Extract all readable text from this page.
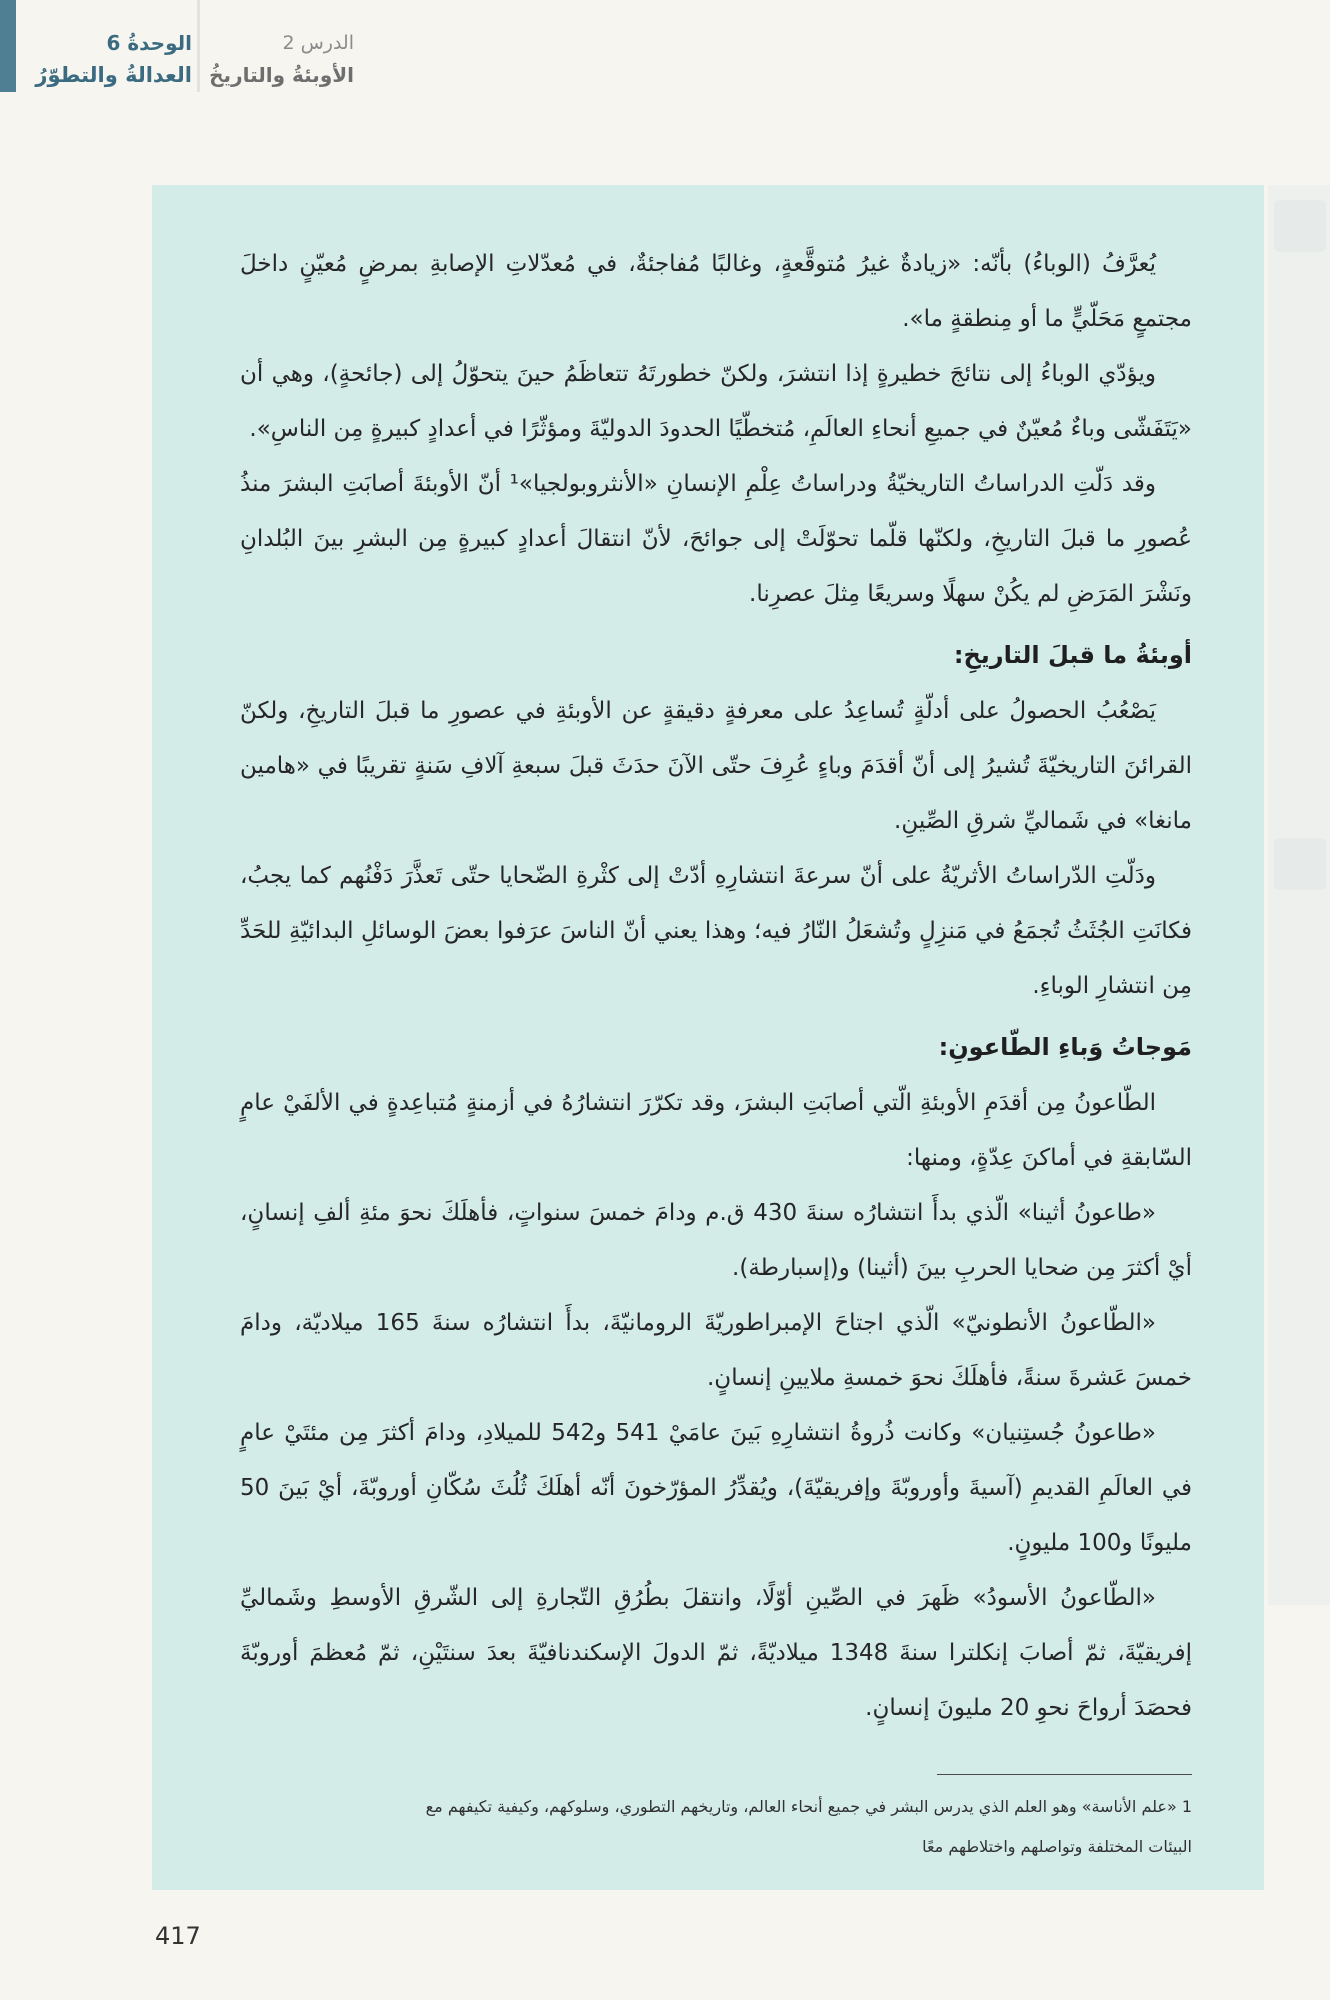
الوحدةُ 6
العدالةُ والتطوّرُ
الدرس 2
الأوبئةُ والتاريخُ

يُعرَّفُ (الوباءُ) بأنّه: «زيادةٌ غيرُ مُتوقَّعةٍ، وغالبًا مُفاجئةٌ، في مُعدّلاتِ الإصابةِ بمرضٍ مُعيّنٍ داخلَ مجتمعٍ مَحَلّيٍّ ما أو مِنطقةٍ ما».

ويؤدّي الوباءُ إلى نتائجَ خطيرةٍ إذا انتشرَ، ولكنّ خطورتَهُ تتعاظَمُ حينَ يتحوّلُ إلى (جائحةٍ)، وهي أن «يَتَفَشّى وباءٌ مُعيّنٌ في جميعِ أنحاءِ العالَمِ، مُتخطّيًا الحدودَ الدوليّةَ ومؤثّرًا في أعدادٍ كبيرةٍ مِن الناسِ».

وقد دَلّتِ الدراساتُ التاريخيّةُ ودراساتُ عِلْمِ الإنسانِ «الأنثروبولجيا»¹ أنّ الأوبئةَ أصابَتِ البشرَ منذُ عُصورِ ما قبلَ التاريخِ، ولكنّها قلّما تحوّلَتْ إلى جوائحَ، لأنّ انتقالَ أعدادٍ كبيرةٍ مِن البشرِ بينَ البُلدانِ ونَشْرَ المَرَضِ لم يكُنْ سهلًا وسريعًا مِثلَ عصرِنا.

أوبئةُ ما قبلَ التاريخِ:

يَصْعُبُ الحصولُ على أدلّةٍ تُساعِدُ على معرفةٍ دقيقةٍ عن الأوبئةِ في عصورِ ما قبلَ التاريخِ، ولكنّ القرائنَ التاريخيّةَ تُشيرُ إلى أنّ أقدَمَ وباءٍ عُرِفَ حتّى الآنَ حدَثَ قبلَ سبعةِ آلافِ سَنةٍ تقريبًا في «هامين مانغا» في شَماليِّ شرقِ الصِّينِ.

ودَلّتِ الدّراساتُ الأثريّةُ على أنّ سرعةَ انتشارِهِ أدّتْ إلى كثْرةِ الضّحايا حتّى تَعذَّرَ دَفْنُهم كما يجبُ، فكانَتِ الجُثَثُ تُجمَعُ في مَنزِلٍ وتُشعَلُ النّارُ فيه؛ وهذا يعني أنّ الناسَ عرَفوا بعضَ الوسائلِ البدائيّةِ للحَدِّ مِن انتشارِ الوباءِ.

مَوجاتُ وَباءِ الطّاعونِ:

الطّاعونُ مِن أقدَمِ الأوبئةِ الّتي أصابَتِ البشرَ، وقد تكرّرَ انتشارُهُ في أزمنةٍ مُتباعِدةٍ في الألفَيْ عامٍ السّابقةِ في أماكنَ عِدّةٍ، ومنها:

«طاعونُ أثينا» الّذي بدأَ انتشارُه سنةَ 430 ق.م ودامَ خمسَ سنواتٍ، فأهلَكَ نحوَ مئةِ ألفِ إنسانٍ، أيْ أكثرَ مِن ضحايا الحربِ بينَ (أثينا) و(إسبارطة).

«الطّاعونُ الأنطونيّ» الّذي اجتاحَ الإمبراطوريّةَ الرومانيّةَ، بدأَ انتشارُه سنةَ 165 ميلاديّة، ودامَ خمسَ عَشرةَ سنةً، فأهلَكَ نحوَ خمسةِ ملايينِ إنسانٍ.

«طاعونُ جُستِنيان» وكانت ذُروةُ انتشارِهِ بَينَ عامَيْ 541 و542 للميلادِ، ودامَ أكثرَ مِن مئتَيْ عامٍ في العالَمِ القديمِ (آسيةَ وأوروبّةَ وإفريقيّةَ)، ويُقدِّرُ المؤرّخونَ أنّه أهلَكَ ثُلُثَ سُكّانِ أوروبّةَ، أيْ بَينَ 50 مليونًا و100 مليونٍ.

«الطّاعونُ الأسودُ» ظَهرَ في الصِّينِ أوّلًا، وانتقلَ بطُرُقِ التّجارةِ إلى الشّرقِ الأوسطِ وشَماليِّ إفريقيّةَ، ثمّ أصابَ إنكلترا سنةَ 1348 ميلاديّةً، ثمّ الدولَ الإسكندنافيّةَ بعدَ سنتَيْنِ، ثمّ مُعظمَ أوروبّةَ فحصَدَ أرواحَ نحوِ 20 مليونَ إنسانٍ.

1 «علم الأناسة» وهو العلم الذي يدرس البشر في جميع أنحاء العالم، وتاريخهم التطوري، وسلوكهم، وكيفية تكيفهم مع

البيئات المختلفة وتواصلهم واختلاطهم معًا

417
